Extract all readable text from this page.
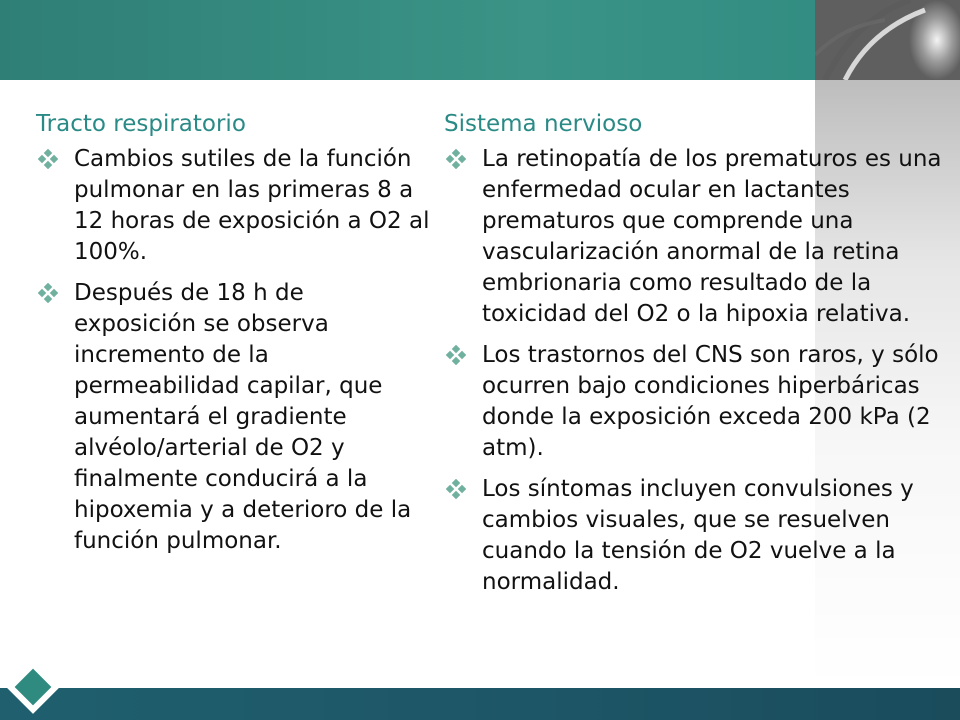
Tracto respiratorio
Cambios sutiles de la función pulmonar en las primeras 8 a 12 horas de exposición a O2 al 100%.
Después de 18 h de exposición se observa incremento de la permeabilidad capilar, que aumentará el gradiente alvéolo/arterial de O2 y finalmente conducirá a la hipoxemia y a deterioro de la función pulmonar.
Sistema nervioso
La retinopatía de los prematuros es una enfermedad ocular en lactantes prematuros que comprende una vascularización anormal de la retina embrionaria como resultado de la toxicidad del O2 o la hipoxia relativa.
Los trastornos del CNS son raros, y sólo ocurren bajo condiciones hiperbáricas donde la exposición exceda 200 kPa (2 atm).
Los síntomas incluyen convulsiones y cambios visuales, que se resuelven cuando la tensión de O2 vuelve a la normalidad.
